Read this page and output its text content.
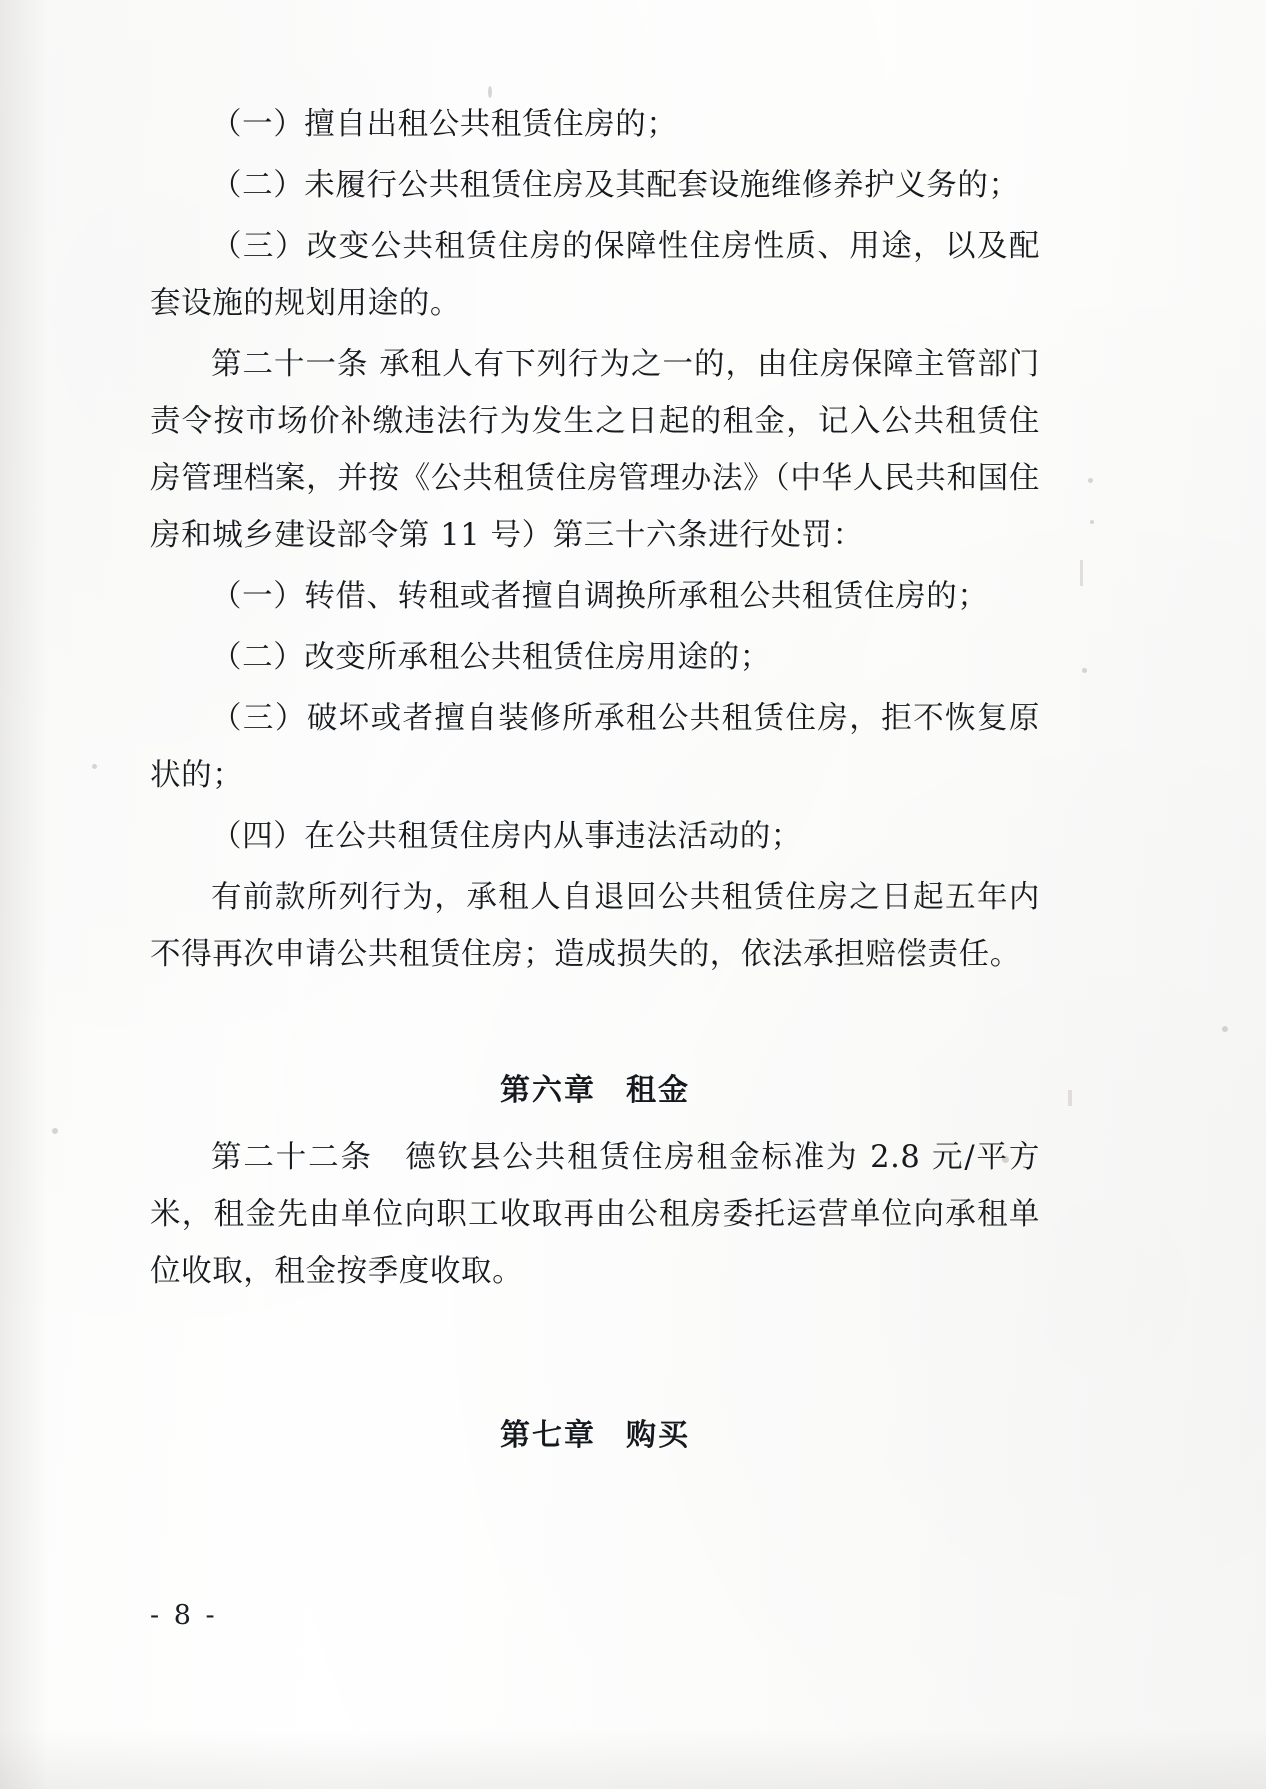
（一）擅自出租公共租赁住房的；

（二）未履行公共租赁住房及其配套设施维修养护义务的；

（三）改变公共租赁住房的保障性住房性质、用途，以及配套设施的规划用途的。

第二十一条 承租人有下列行为之一的，由住房保障主管部门责令按市场价补缴违法行为发生之日起的租金，记入公共租赁住房管理档案，并按《公共租赁住房管理办法》（中华人民共和国住房和城乡建设部令第 11 号）第三十六条进行处罚：

（一）转借、转租或者擅自调换所承租公共租赁住房的；

（二）改变所承租公共租赁住房用途的；

（三）破坏或者擅自装修所承租公共租赁住房，拒不恢复原状的；

（四）在公共租赁住房内从事违法活动的；

有前款所列行为，承租人自退回公共租赁住房之日起五年内不得再次申请公共租赁住房；造成损失的，依法承担赔偿责任。

第六章 租金

第二十二条　德钦县公共租赁住房租金标准为 2.8 元/平方米，租金先由单位向职工收取再由公租房委托运营单位向承租单位收取，租金按季度收取。

第七章 购买
- 8 -
